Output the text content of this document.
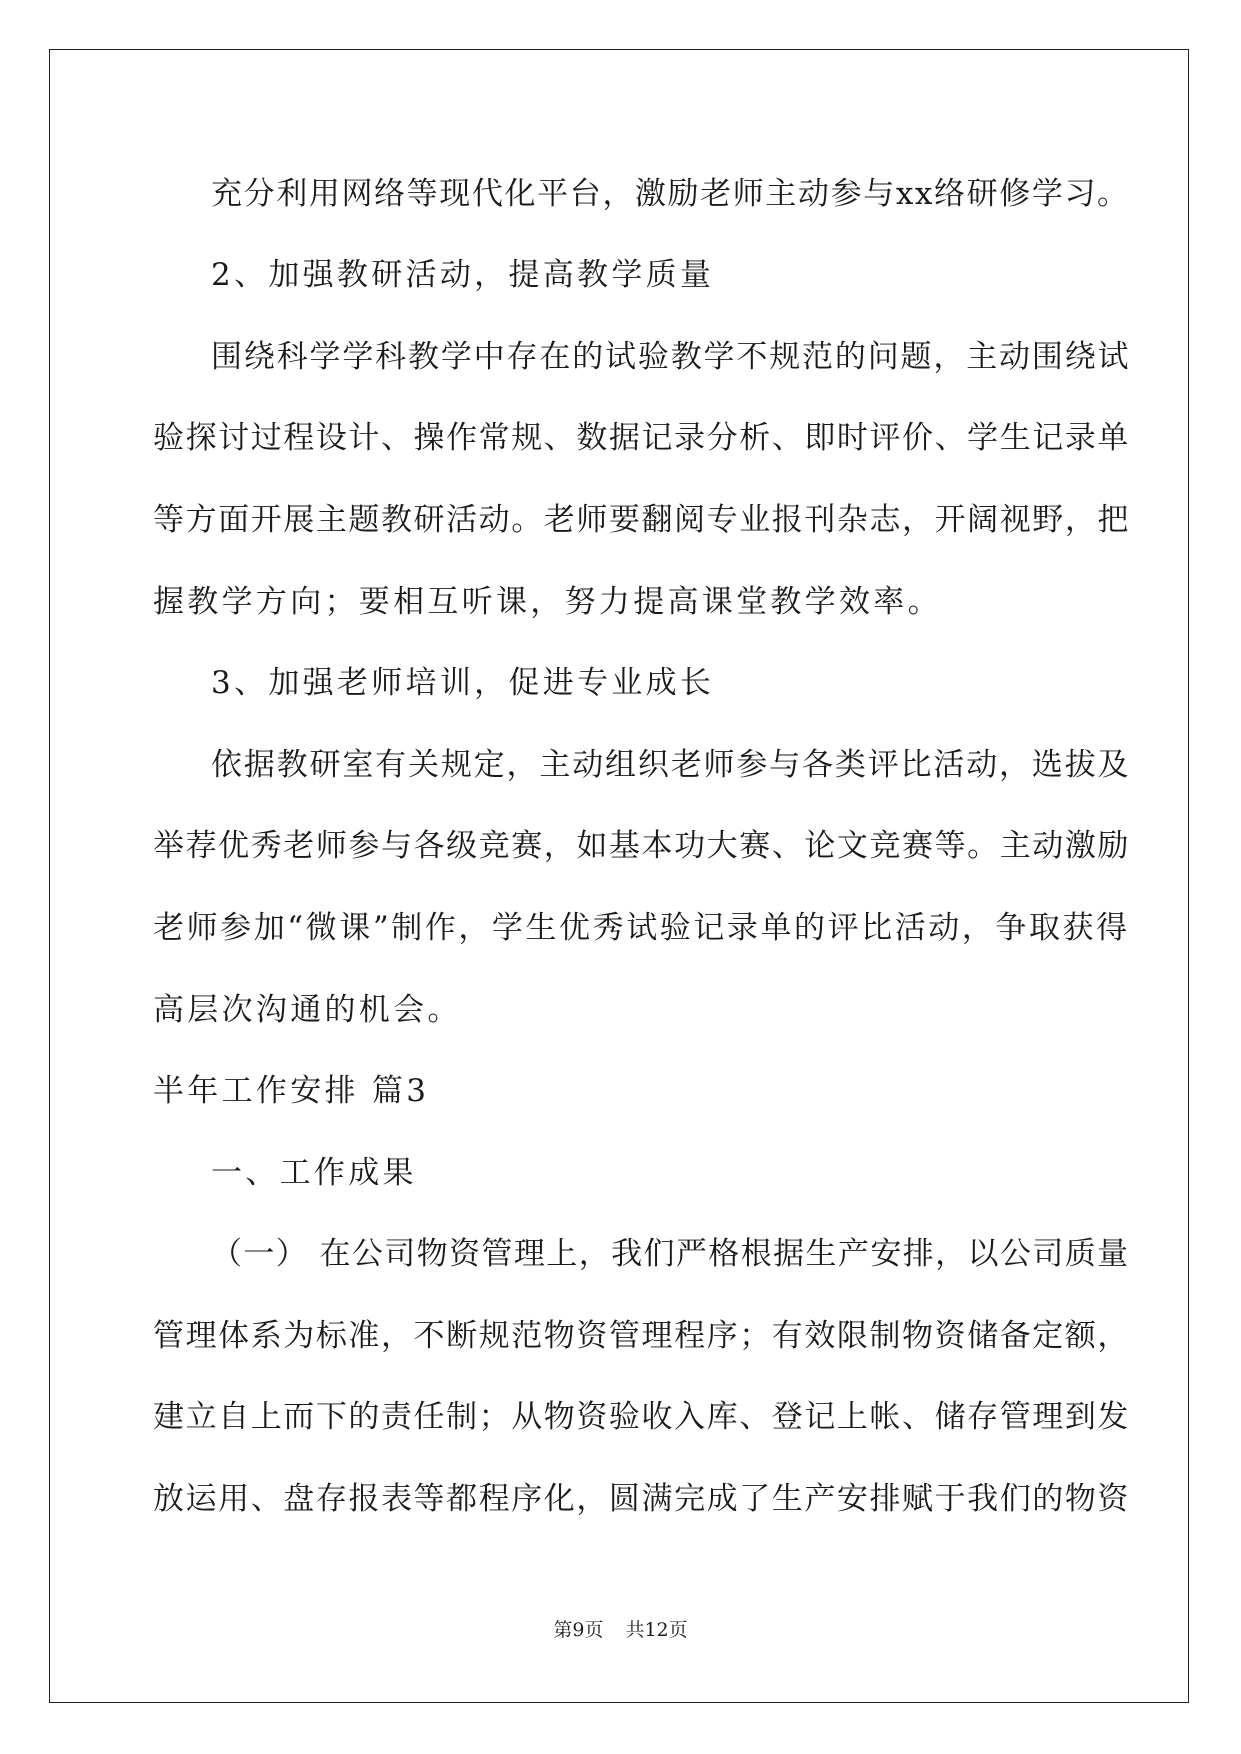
充分利用网络等现代化平台，激励老师主动参与xx络研修学习。
2、加强教研活动，提高教学质量
围绕科学学科教学中存在的试验教学不规范的问题，主动围绕试
验探讨过程设计、操作常规、数据记录分析、即时评价、学生记录单
等方面开展主题教研活动。老师要翻阅专业报刊杂志，开阔视野，把
握教学方向；要相互听课，努力提高课堂教学效率。
3、加强老师培训，促进专业成长
依据教研室有关规定，主动组织老师参与各类评比活动，选拔及
举荐优秀老师参与各级竞赛，如基本功大赛、论文竞赛等。主动激励
老师参加“微课”制作，学生优秀试验记录单的评比活动，争取获得
高层次沟通的机会。
半年工作安排 篇3
一、工作成果
（一） 在公司物资管理上，我们严格根据生产安排，以公司质量
管理体系为标准，不断规范物资管理程序；有效限制物资储备定额，
建立自上而下的责任制；从物资验收入库、登记上帐、储存管理到发
放运用、盘存报表等都程序化，圆满完成了生产安排赋于我们的物资
第9页 共12页
